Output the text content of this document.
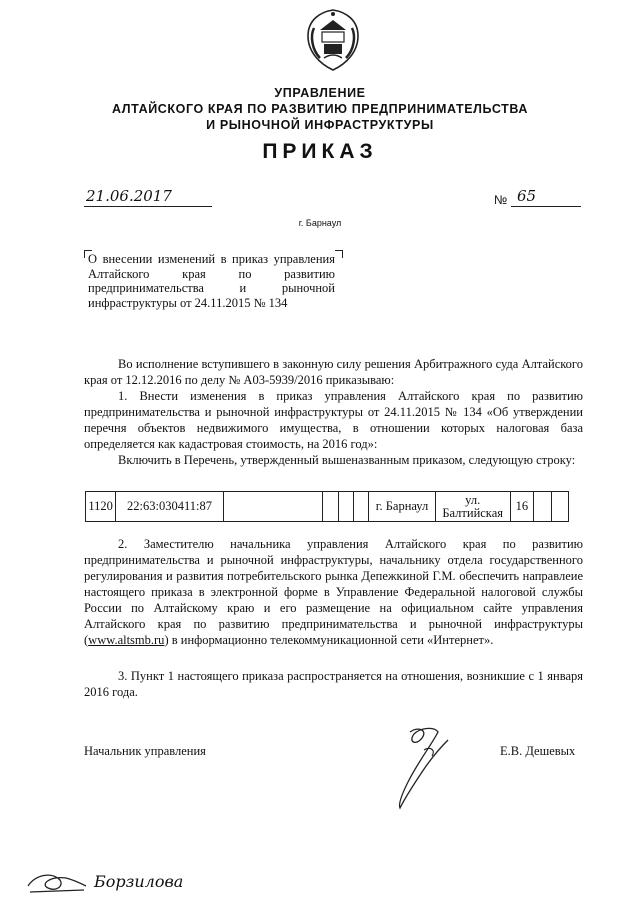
УПРАВЛЕНИЕ
АЛТАЙСКОГО КРАЯ ПО РАЗВИТИЮ ПРЕДПРИНИМАТЕЛЬСТВА
И РЫНОЧНОЙ ИНФРАСТРУКТУРЫ
ПРИКАЗ
21.06.2017	№ 65
г. Барнаул
О внесении изменений в приказ управления Алтайского края по развитию предпринимательства и рыночной инфраструктуры от 24.11.2015 № 134
Во исполнение вступившего в законную силу решения Арбитражного суда Алтайского края от 12.12.2016 по делу № А03-5939/2016 приказываю:
1. Внести изменения в приказ управления Алтайского края по развитию предпринимательства и рыночной инфраструктуры от 24.11.2015 № 134 «Об утверждении перечня объектов недвижимого имущества, в отношении которых налоговая база определяется как кадастровая стоимость, на 2016 год»:
Включить в Перечень, утвержденный вышеназванным приказом, следующую строку:
1120	22:63:030411:87					г. Барнаул	ул. Балтийская	16		
2. Заместителю начальника управления Алтайского края по развитию предпринимательства и рыночной инфраструктуры, начальнику отдела государственного регулирования и развития потребительского рынка Депежкиной Г.М. обеспечить направлеие настоящего приказа в электронной форме в Управление Федеральной налоговой службы России по Алтайскому краю и его размещение на официальном сайте управления Алтайского края по развитию предпринимательства и рыночной инфраструктуры (www.altsmb.ru) в информационно телекоммуникационной сети «Интернет».
3. Пункт 1 настоящего приказа распространяется на отношения, возникшие с 1 января 2016 года.
Начальник управления	Е.В. Дешевых
Борзилова
